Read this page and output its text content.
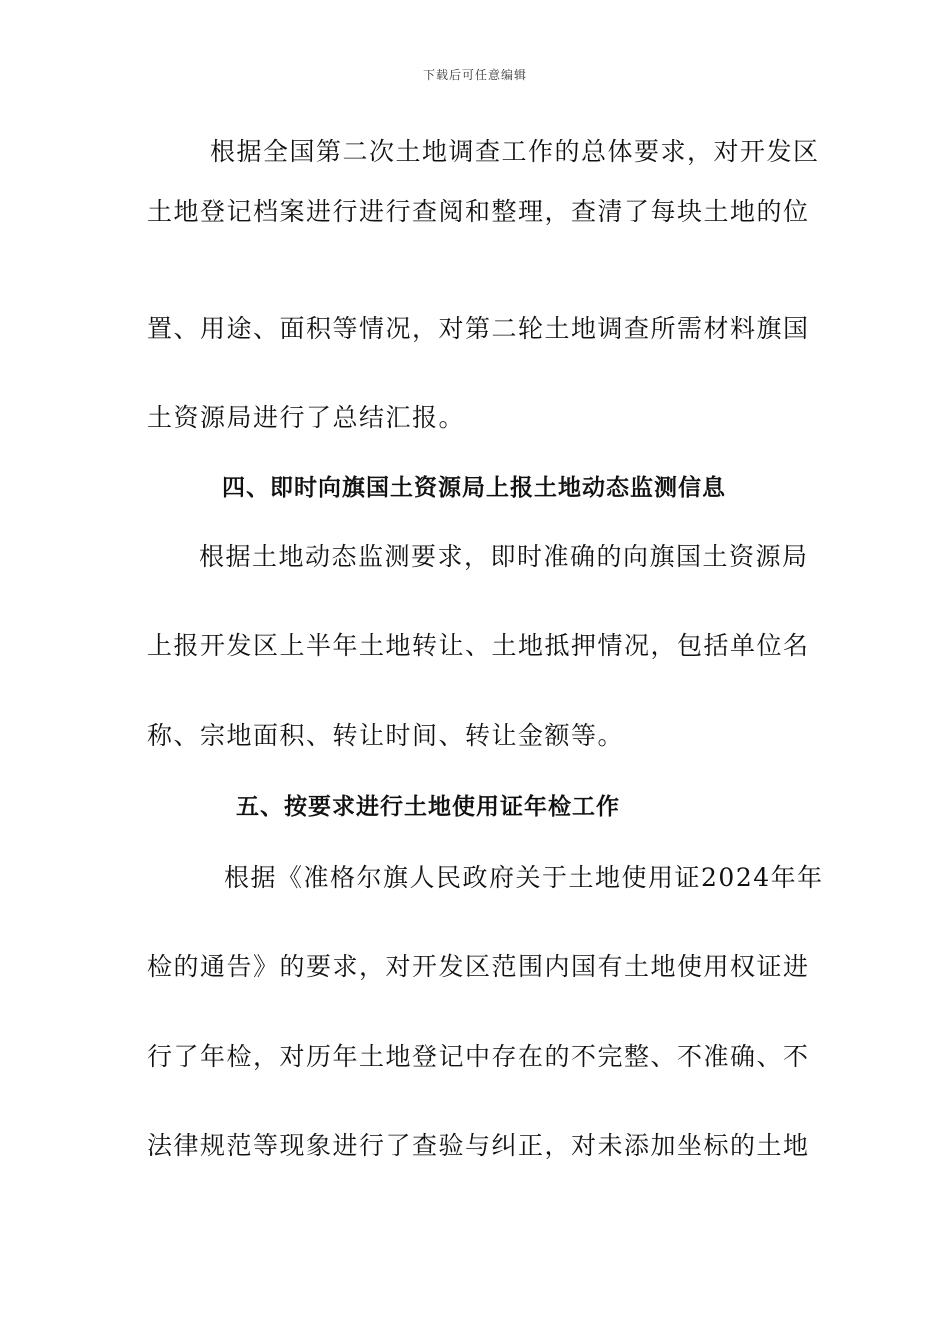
下载后可任意编辑
根据全国第二次土地调查工作的总体要求，对开发区
土地登记档案进行进行查阅和整理，查清了每块土地的位
置、用途、面积等情况，对第二轮土地调查所需材料旗国
土资源局进行了总结汇报。
四、即时向旗国土资源局上报土地动态监测信息
根据土地动态监测要求，即时准确的向旗国土资源局
上报开发区上半年土地转让、土地抵押情况，包括单位名
称、宗地面积、转让时间、转让金额等。
五、按要求进行土地使用证年检工作
根据《准格尔旗人民政府关于土地使用证2024年年
检的通告》的要求，对开发区范围内国有土地使用权证进
行了年检，对历年土地登记中存在的不完整、不准确、不
法律规范等现象进行了查验与纠正，对未添加坐标的土地
